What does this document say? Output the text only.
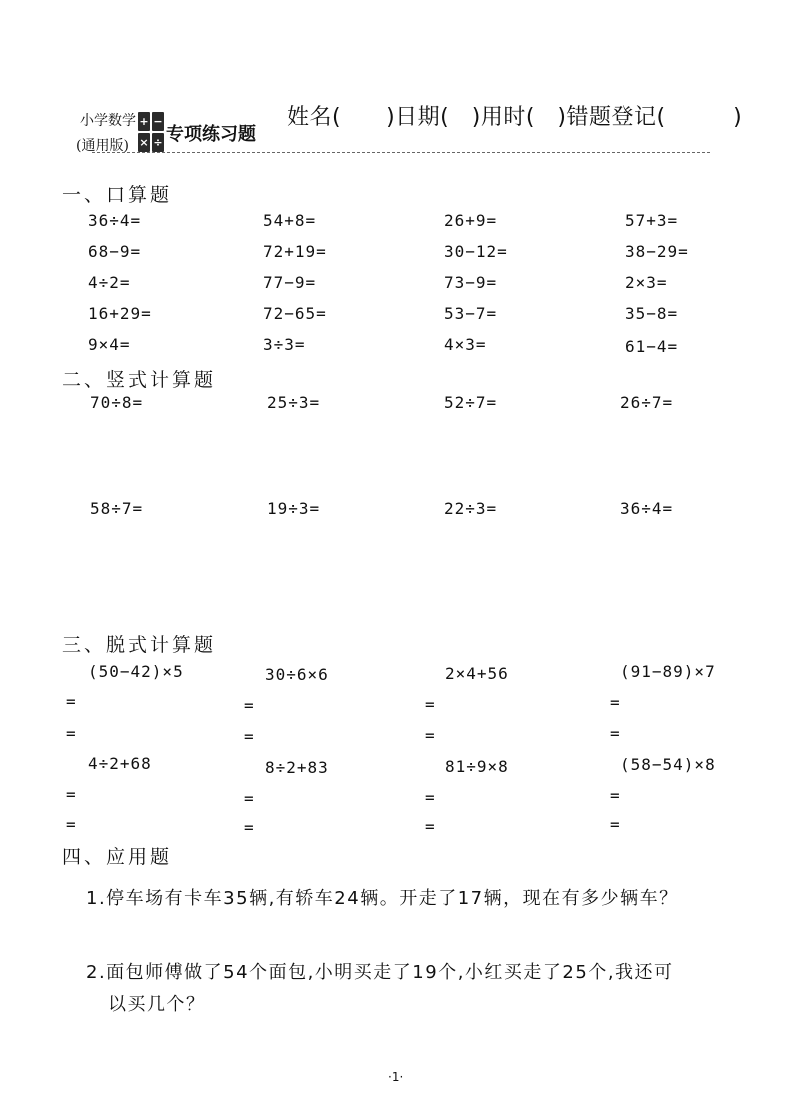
小学数学
(通用版)
+ −
× ÷ 专项练习题
姓名(　　)日期(　)用时(　)错题登记(　　　)
一、口算题
36÷4=	54+8=	26+9=	57+3=
68−9=	72+19=	30−12=	38−29=
4÷2=	77−9=	73−9=	2×3=
16+29=	72−65=	53−7=	35−8=
9×4=	3÷3=	4×3=	61−4=
二、竖式计算题
70÷8=	25÷3=	52÷7=	26÷7=
58÷7=	19÷3=	22÷3=	36÷4=
三、脱式计算题
(50−42)×5	30÷6×6	2×4+56	(91−89)×7
=	=	=	=
=	=	=	=
4÷2+68	8÷2+83	81÷9×8	(58−54)×8
=	=	=	=
=	=	=	=
四、应用题
1.停车场有卡车35辆,有轿车24辆。开走了17辆，现在有多少辆车？
2.面包师傅做了54个面包,小明买走了19个,小红买走了25个,我还可
以买几个？
·1·
